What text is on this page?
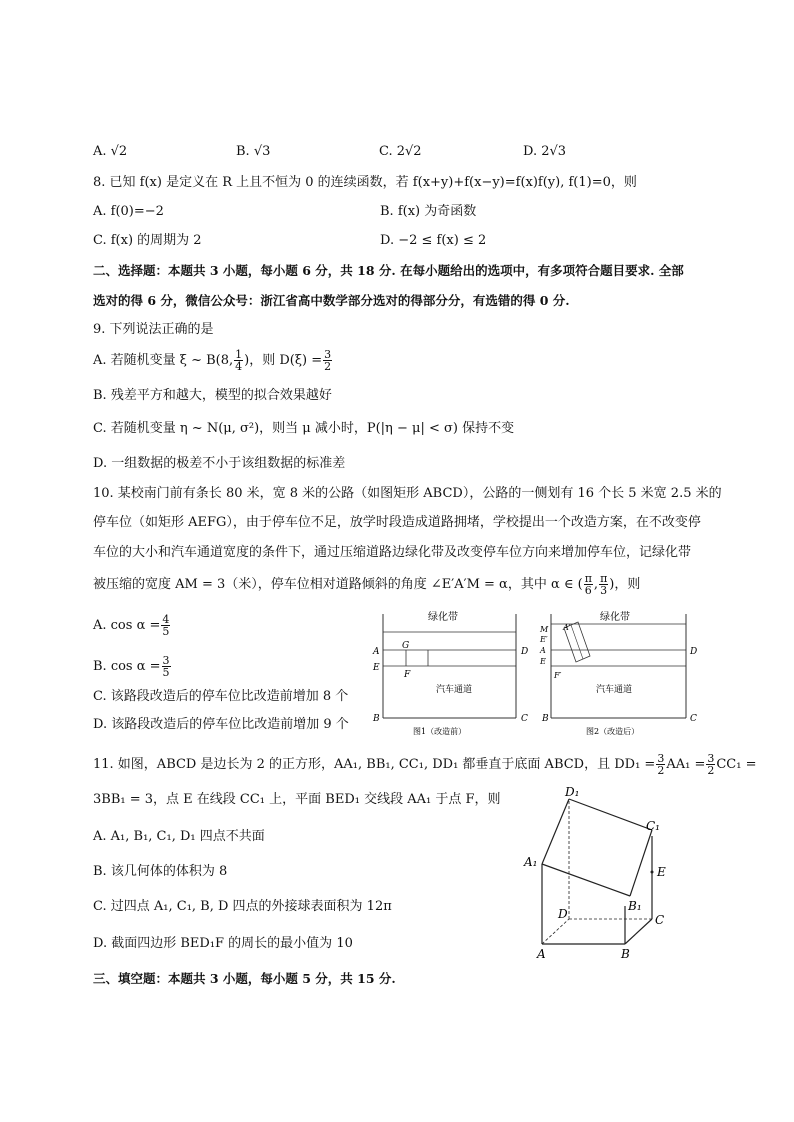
A. √2	B. √3	C. 2√2	D. 2√3
8. 已知 f(x) 是定义在 R 上且不恒为 0 的连续函数，若 f(x+y)+f(x−y)=f(x)f(y), f(1)=0，则
A. f(0)=−2	B. f(x) 为奇函数
C. f(x) 的周期为 2	D. −2 ≤ f(x) ≤ 2
二、选择题：本题共 3 小题，每小题 6 分，共 18 分. 在每小题给出的选项中，有多项符合题目要求. 全部
选对的得 6 分，微信公众号：浙江省高中数学部分选对的得部分分，有选错的得 0 分.
9. 下列说法正确的是
A. 若随机变量 ξ ~ B(8, $\frac{1}{4}$ )，则 $D(\xi) = \frac{3}{2}$
B. 残差平方和越大，模型的拟合效果越好
C. 若随机变量 η ~ N(μ, σ²)，则当 μ 减小时，P(|η − μ| < σ) 保持不变
D. 一组数据的极差不小于该组数据的标准差
10. 某校南门前有条长 80 米，宽 8 米的公路（如图矩形 ABCD），公路的一侧划有 16 个长 5 米宽 2.5 米的
停车位（如矩形 AEFG），由于停车位不足，放学时段造成道路拥堵，学校提出一个改造方案，在不改变停
车位的大小和汽车通道宽度的条件下，通过压缩道路边绿化带及改变停车位方向来增加停车位，记绿化带
被压缩的宽度 AM = 3（米），停车位相对道路倾斜的角度 ∠E′A′M = α，其中 α ∈ ( $\frac{\pi}{6}$ , $\frac{\pi}{3}$ )，则
A. $\cos \alpha = \frac{4}{5}$
B. $\cos \alpha = \frac{3}{5}$
C. 该路段改造后的停车位比改造前增加 8 个
D. 该路段改造后的停车位比改造前增加 9 个
绿化带
A
E
B
G
F
D
C
汽车通道
图1（改造前）
绿化带
M
E′
A
E
F′
A′
B
D
C
汽车通道
图2（改造后）
11. 如图，ABCD 是边长为 2 的正方形，AA₁, BB₁, CC₁, DD₁ 都垂直于底面 ABCD，且 $DD_1 = \frac{3}{2} AA_1 = \frac{3}{2} CC_1$ =
3BB₁ = 3，点 E 在线段 CC₁ 上，平面 BED₁ 交线段 AA₁ 于点 F，则
A. A₁, B₁, C₁, D₁ 四点不共面
B. 该几何体的体积为 8
C. 过四点 A₁, C₁, B, D 四点的外接球表面积为 12π
D. 截面四边形 BED₁F 的周长的最小值为 10
D₁
C₁
A₁
B₁
E
D	C
A	B
三、填空题：本题共 3 小题，每小题 5 分，共 15 分.
